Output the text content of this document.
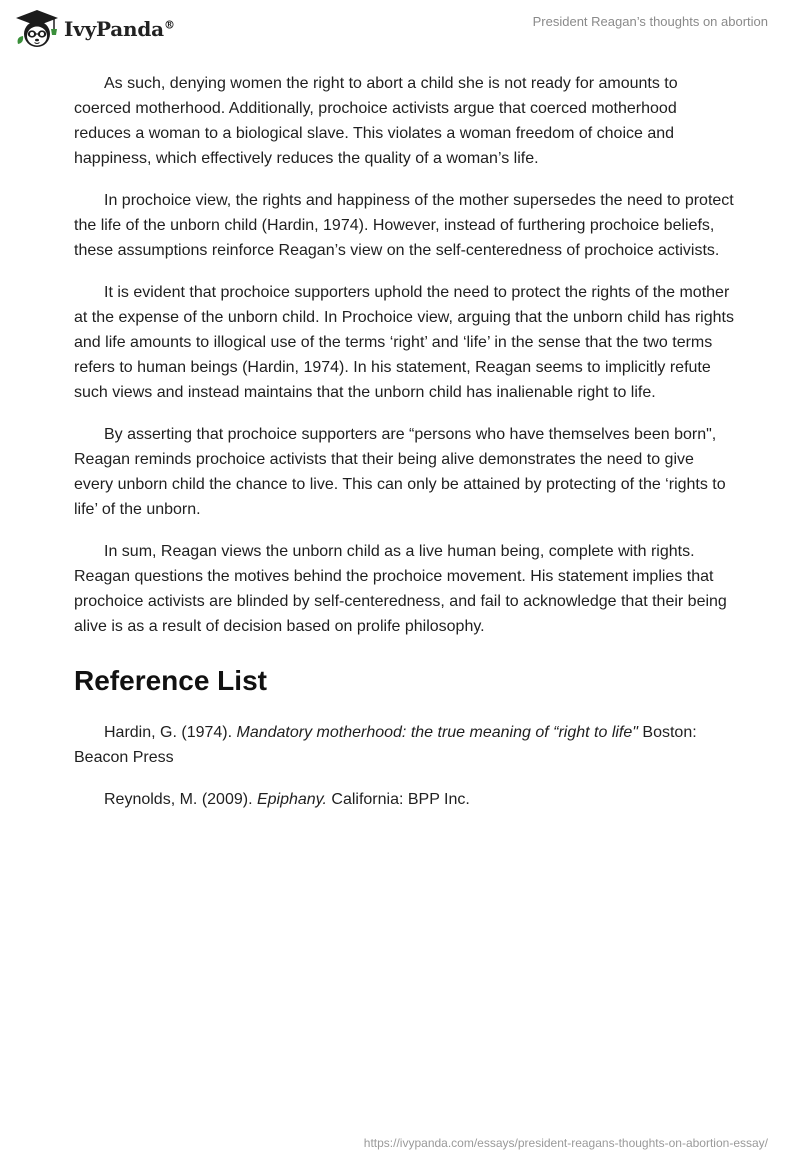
IvyPanda®	President Reagan’s thoughts on abortion

As such, denying women the right to abort a child she is not ready for amounts to coerced motherhood. Additionally, prochoice activists argue that coerced motherhood reduces a woman to a biological slave. This violates a woman freedom of choice and happiness, which effectively reduces the quality of a woman’s life.

In prochoice view, the rights and happiness of the mother supersedes the need to protect the life of the unborn child (Hardin, 1974). However, instead of furthering prochoice beliefs, these assumptions reinforce Reagan’s view on the self-centeredness of prochoice activists.

It is evident that prochoice supporters uphold the need to protect the rights of the mother at the expense of the unborn child. In Prochoice view, arguing that the unborn child has rights and life amounts to illogical use of the terms ‘right’ and ‘life’ in the sense that the two terms refers to human beings (Hardin, 1974). In his statement, Reagan seems to implicitly refute such views and instead maintains that the unborn child has inalienable right to life.

By asserting that prochoice supporters are “persons who have themselves been born", Reagan reminds prochoice activists that their being alive demonstrates the need to give every unborn child the chance to live. This can only be attained by protecting of the ‘rights to life’ of the unborn.

In sum, Reagan views the unborn child as a live human being, complete with rights. Reagan questions the motives behind the prochoice movement. His statement implies that prochoice activists are blinded by self-centeredness, and fail to acknowledge that their being alive is as a result of decision based on prolife philosophy.

Reference List

Hardin, G. (1974). Mandatory motherhood: the true meaning of “right to life" Boston: Beacon Press

Reynolds, M. (2009). Epiphany. California: BPP Inc.

https://ivypanda.com/essays/president-reagans-thoughts-on-abortion-essay/
